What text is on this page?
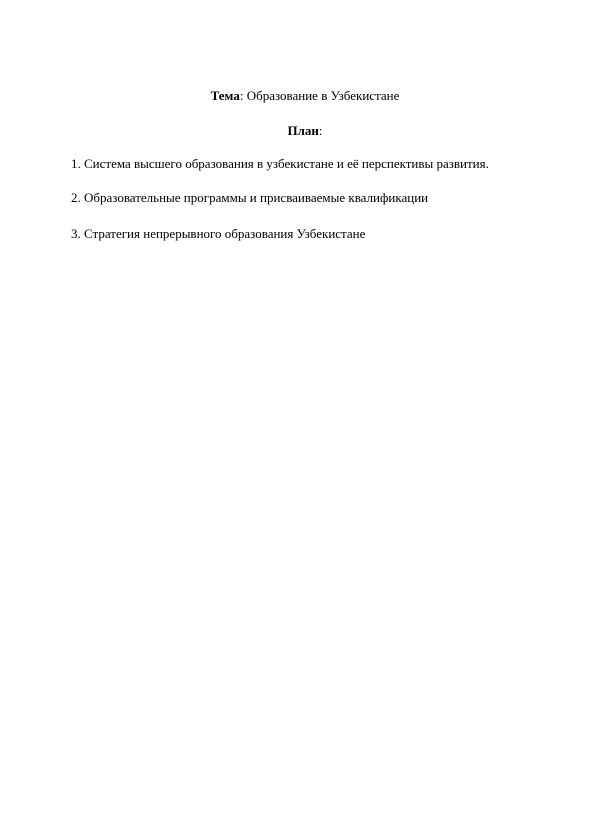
Тема: Образование в Узбекистане
План:
1. Система высшего образования в узбекистане и её перспективы развития.
2. Образовательные программы и присваиваемые квалификации
3. Стратегия непрерывного образования Узбекистане
